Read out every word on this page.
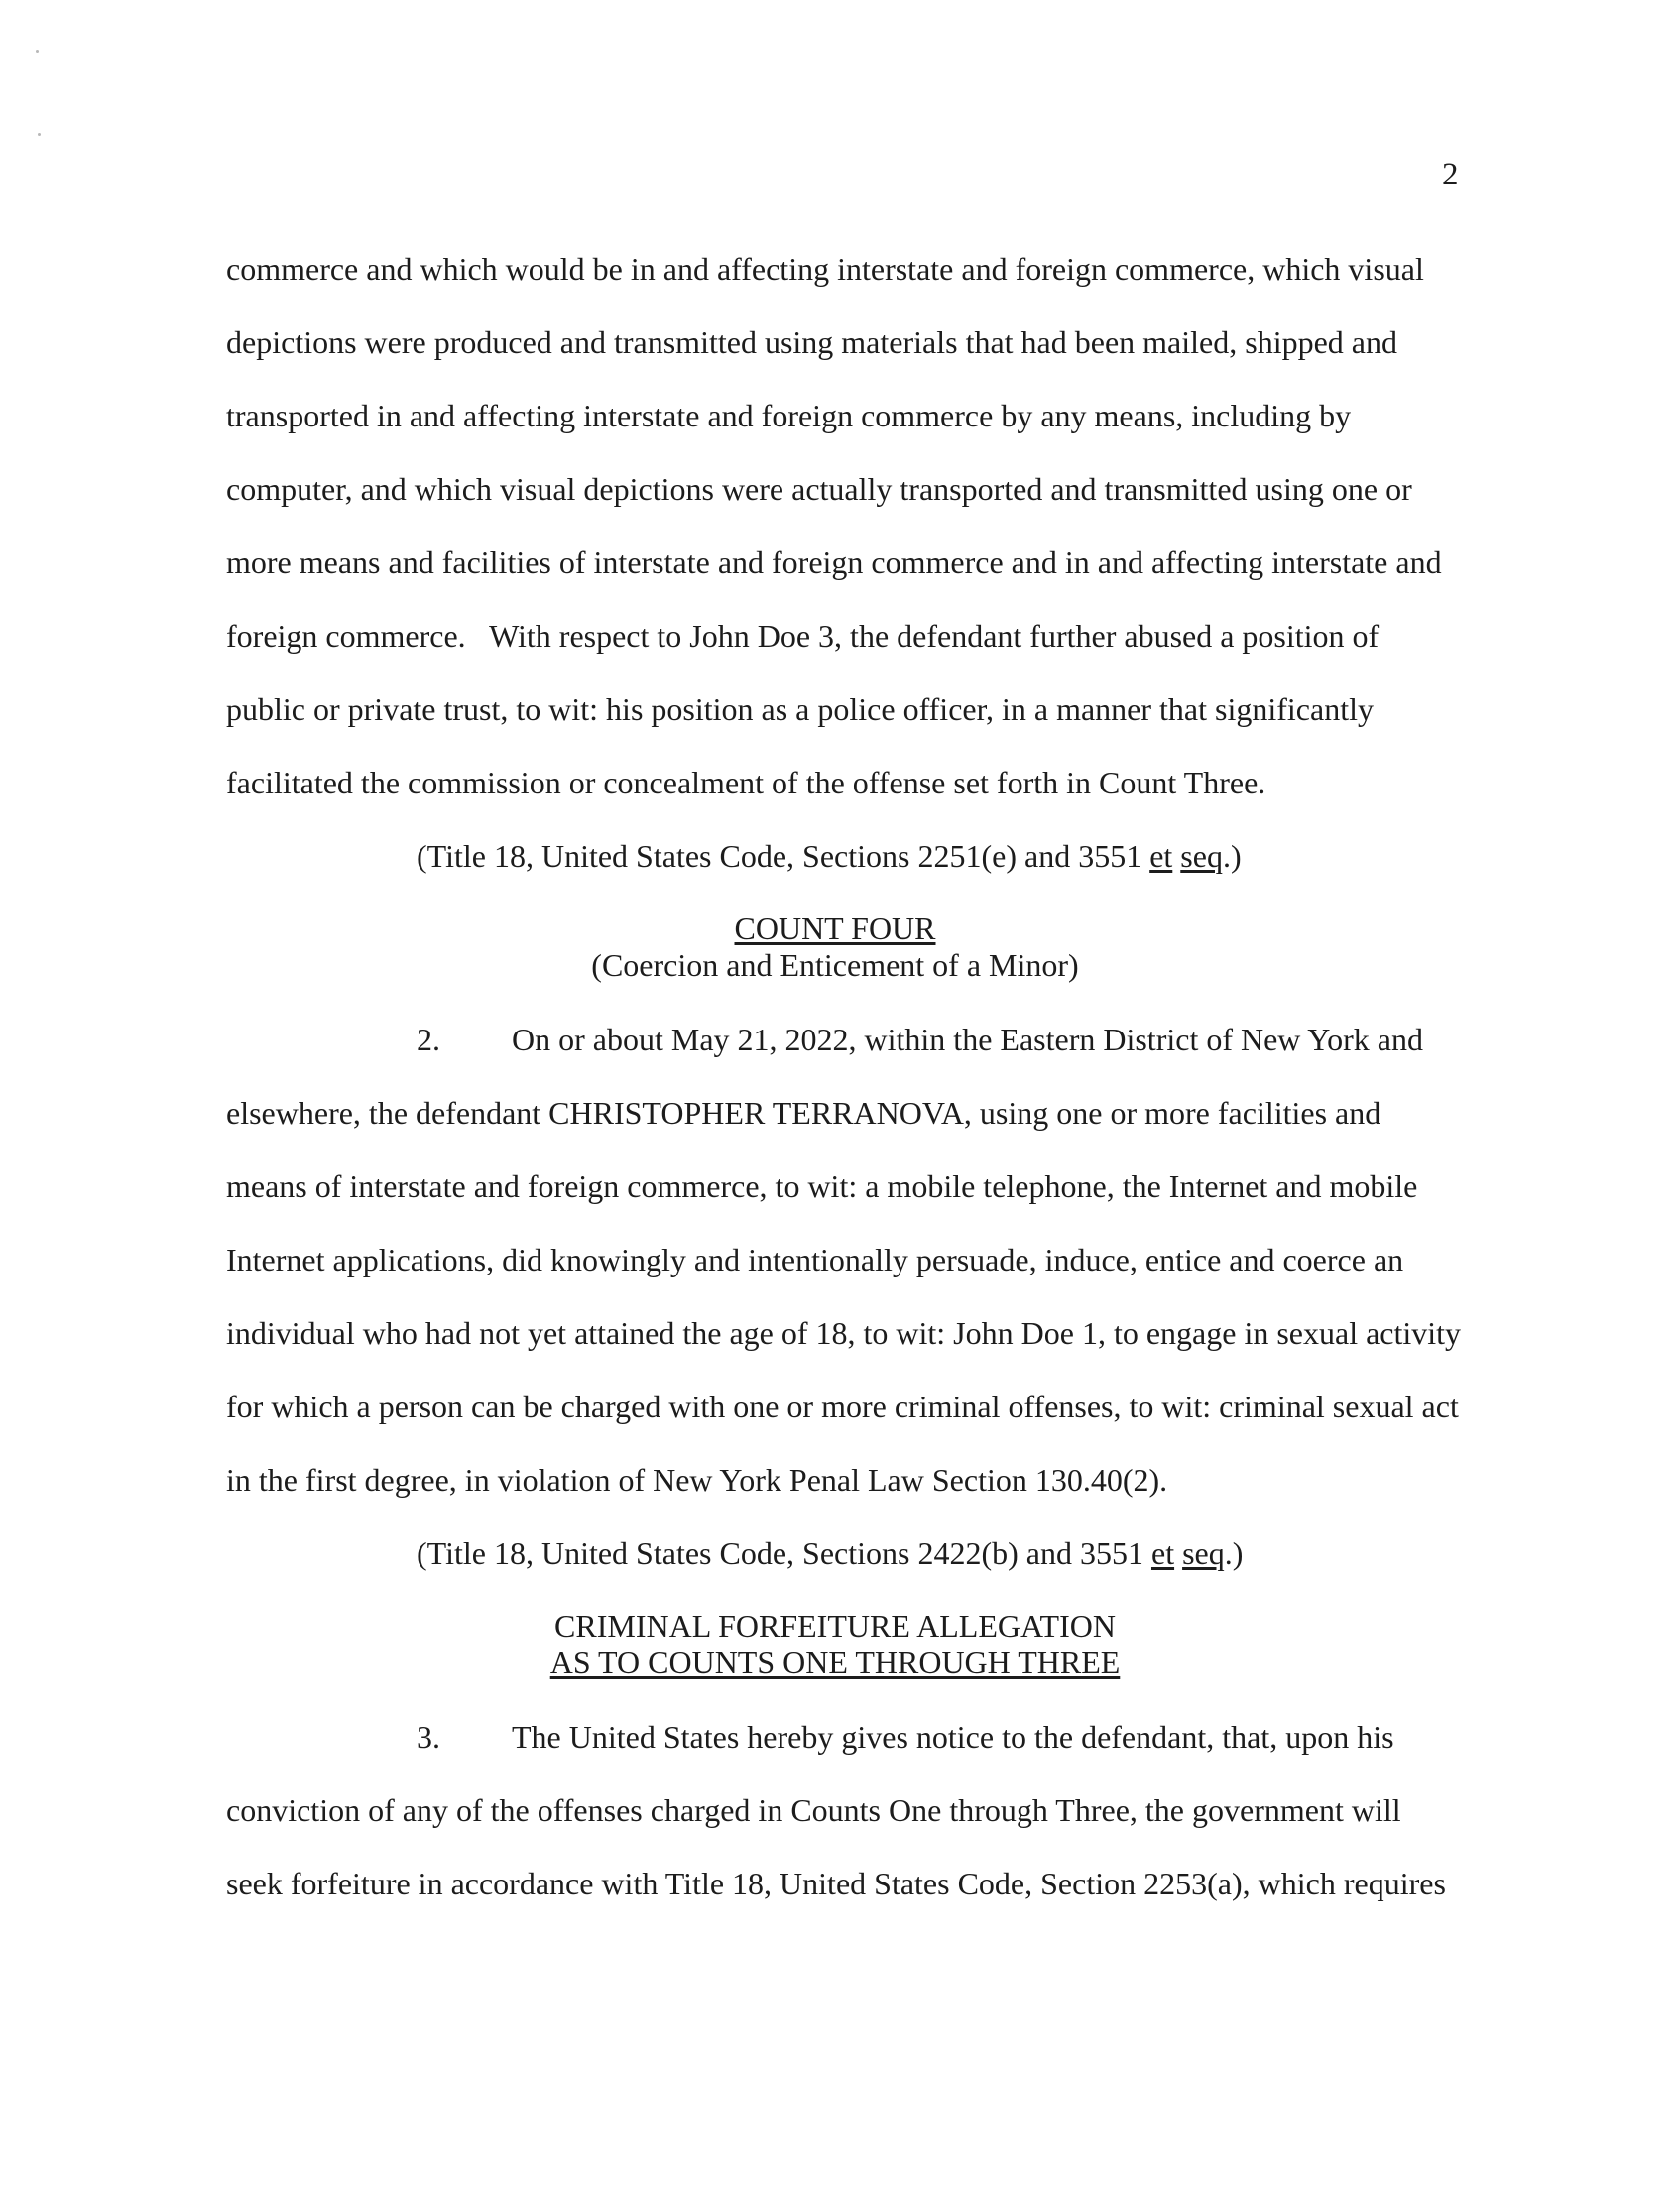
2
commerce and which would be in and affecting interstate and foreign commerce, which visual
depictions were produced and transmitted using materials that had been mailed, shipped and
transported in and affecting interstate and foreign commerce by any means, including by
computer, and which visual depictions were actually transported and transmitted using one or
more means and facilities of interstate and foreign commerce and in and affecting interstate and
foreign commerce.   With respect to John Doe 3, the defendant further abused a position of
public or private trust, to wit: his position as a police officer, in a manner that significantly
facilitated the commission or concealment of the offense set forth in Count Three.
(Title 18, United States Code, Sections 2251(e) and 3551 et seq.)
COUNT FOUR
(Coercion and Enticement of a Minor)
2. On or about May 21, 2022, within the Eastern District of New York and
elsewhere, the defendant CHRISTOPHER TERRANOVA, using one or more facilities and
means of interstate and foreign commerce, to wit: a mobile telephone, the Internet and mobile
Internet applications, did knowingly and intentionally persuade, induce, entice and coerce an
individual who had not yet attained the age of 18, to wit: John Doe 1, to engage in sexual activity
for which a person can be charged with one or more criminal offenses, to wit: criminal sexual act
in the first degree, in violation of New York Penal Law Section 130.40(2).
(Title 18, United States Code, Sections 2422(b) and 3551 et seq.)
CRIMINAL FORFEITURE ALLEGATION
AS TO COUNTS ONE THROUGH THREE
3. The United States hereby gives notice to the defendant, that, upon his
conviction of any of the offenses charged in Counts One through Three, the government will
seek forfeiture in accordance with Title 18, United States Code, Section 2253(a), which requires
